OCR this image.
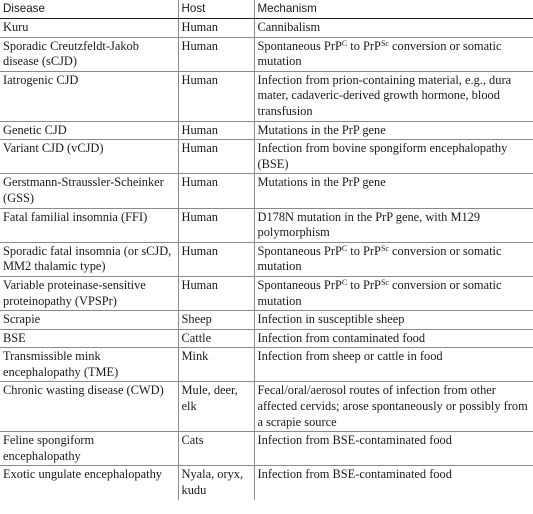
Disease	Host	Mechanism
Kuru	Human	Cannibalism
Sporadic Creutzfeldt-Jakob disease (sCJD)	Human	Spontaneous PrP$^C$ to PrP$^{Sc}$ conversion or somatic mutation
Iatrogenic CJD	Human	Infection from prion-containing material, e.g., dura mater, cadaveric-derived growth hormone, blood transfusion
Genetic CJD	Human	Mutations in the PrP gene
Variant CJD (vCJD)	Human	Infection from bovine spongiform encephalopathy (BSE)
Gerstmann-Straussler-Scheinker (GSS)	Human	Mutations in the PrP gene
Fatal familial insomnia (FFI)	Human	D178N mutation in the PrP gene, with M129 polymorphism
Sporadic fatal insomnia (or sCJD, MM2 thalamic type)	Human	Spontaneous PrP$^C$ to PrP$^{Sc}$ conversion or somatic mutation
Variable proteinase-sensitive proteinopathy (VPSPr)	Human	Spontaneous PrP$^C$ to PrP$^{Sc}$ conversion or somatic mutation
Scrapie	Sheep	Infection in susceptible sheep
BSE	Cattle	Infection from contaminated food
Transmissible mink encephalopathy (TME)	Mink	Infection from sheep or cattle in food
Chronic wasting disease (CWD)	Mule, deer, elk	Fecal/oral/aerosol routes of infection from other affected cervids; arose spontaneously or possibly from a scrapie source
Feline spongiform encephalopathy	Cats	Infection from BSE-contaminated food
Exotic ungulate encephalopathy	Nyala, oryx, kudu	Infection from BSE-contaminated food
